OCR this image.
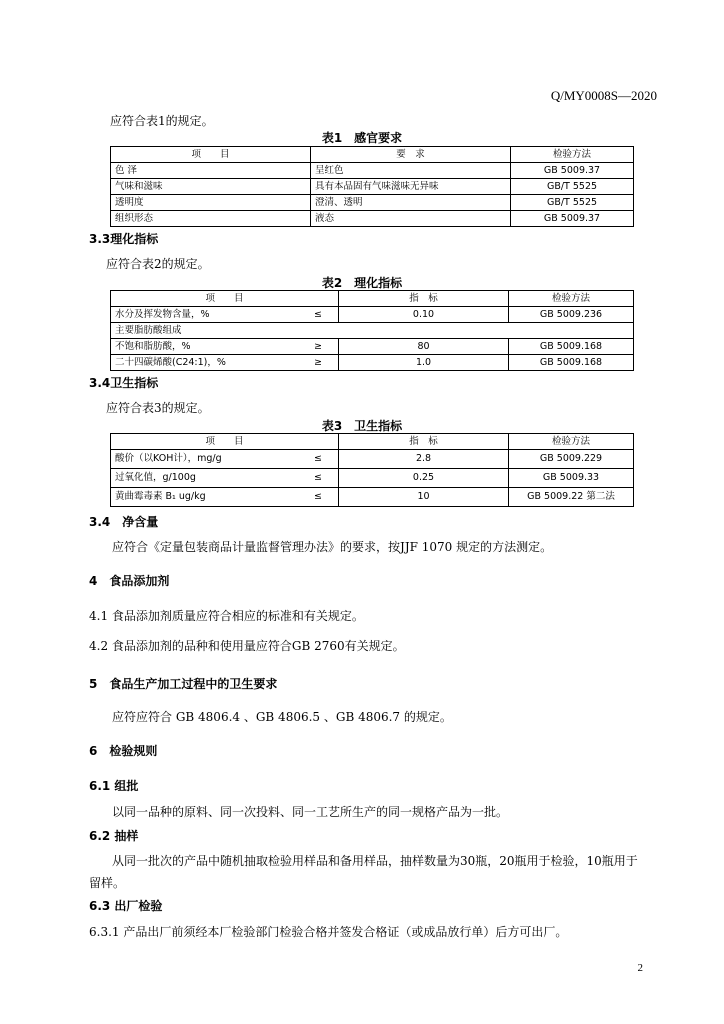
Q/MY0008S—2020
应符合表1的规定。
表1　感官要求
项　　目	要　求	检验方法
色 泽	呈红色	GB 5009.37
气味和滋味	具有本品固有气味滋味无异味	GB/T 5525
透明度	澄清、透明	GB/T 5525
组织形态	液态	GB 5009.37
3.3理化指标
应符合表2的规定。
表2　理化指标
项　　目	指　标	检验方法
水分及挥发物含量，% ≤	0.10	GB 5009.236
主要脂肪酸组成		
不饱和脂肪酸，% ≥	80	GB 5009.168
二十四碳烯酸(C24:1)，% ≥	1.0	GB 5009.168
3.4卫生指标
应符合表3的规定。
表3　卫生指标
项　　目	指　标	检验方法
酸价（以KOH计），mg/g ≤	2.8	GB 5009.229
过氧化值，g/100g ≤	0.25	GB 5009.33
黄曲霉毒素 B₁ ug/kg ≤	10	GB 5009.22 第二法
3.4　净含量
应符合《定量包装商品计量监督管理办法》的要求，按JJF 1070 规定的方法测定。
4　食品添加剂
4.1 食品添加剂质量应符合相应的标准和有关规定。
4.2 食品添加剂的品种和使用量应符合GB 2760有关规定。
5　食品生产加工过程中的卫生要求
应符应符合 GB 4806.4 、GB 4806.5 、GB 4806.7 的规定。
6　检验规则
6.1 组批
以同一品种的原料、同一次投料、同一工艺所生产的同一规格产品为一批。
6.2 抽样
从同一批次的产品中随机抽取检验用样品和备用样品，抽样数量为30瓶，20瓶用于检验，10瓶用于
留样。
6.3 出厂检验
6.3.1 产品出厂前须经本厂检验部门检验合格并签发合格证（或成品放行单）后方可出厂。
2
